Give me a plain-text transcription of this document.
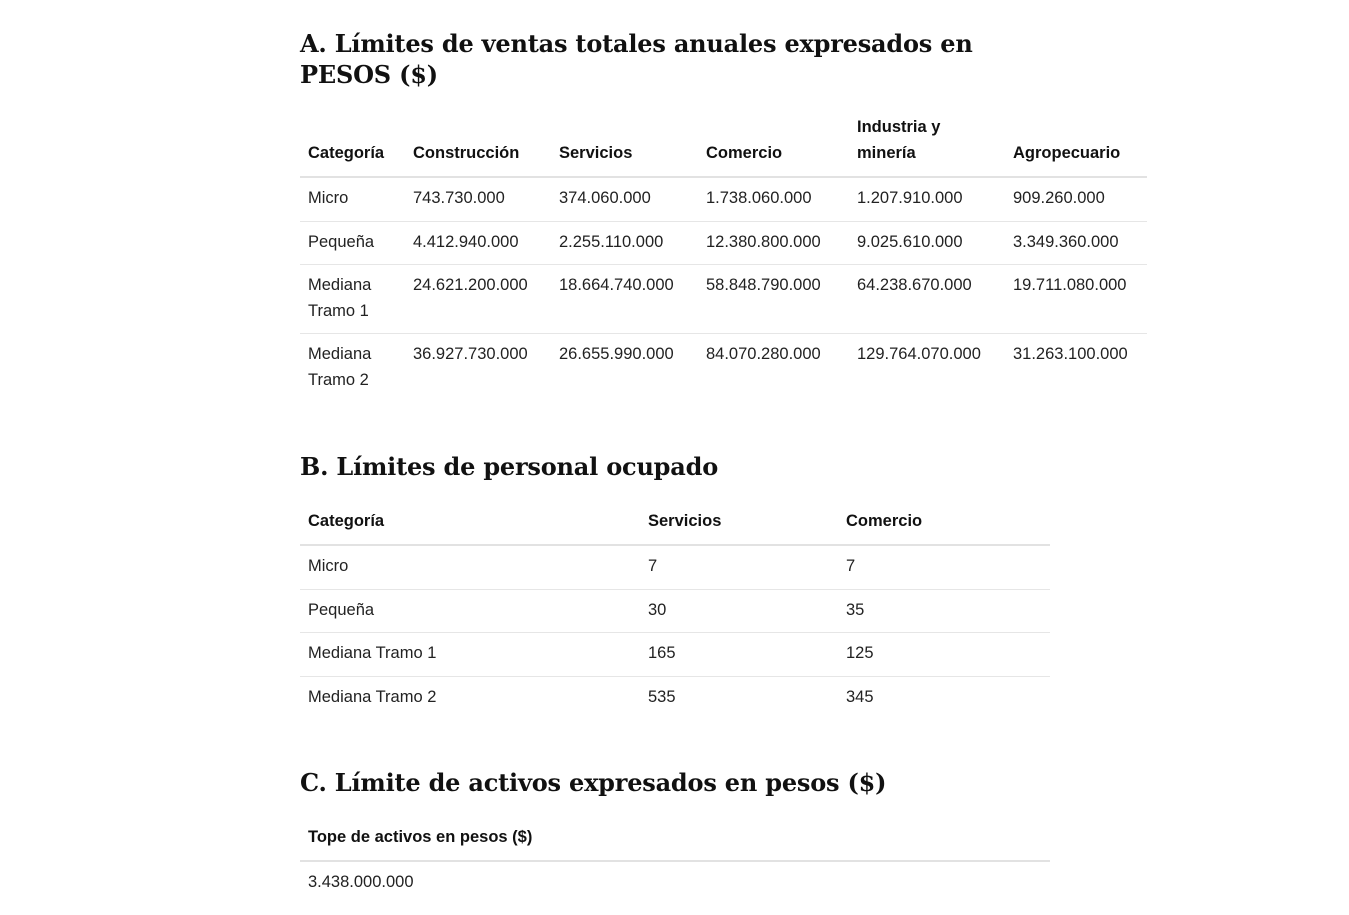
A. Límites de ventas totales anuales expresados en PESOS ($)
Categoría	Construcción	Servicios	Comercio	Industria y minería	Agropecuario
Micro	743.730.000	374.060.000	1.738.060.000	1.207.910.000	909.260.000
Pequeña	4.412.940.000	2.255.110.000	12.380.800.000	9.025.610.000	3.349.360.000
Mediana Tramo 1	24.621.200.000	18.664.740.000	58.848.790.000	64.238.670.000	19.711.080.000
Mediana Tramo 2	36.927.730.000	26.655.990.000	84.070.280.000	129.764.070.000	31.263.100.000
B. Límites de personal ocupado
Categoría	Servicios	Comercio
Micro	7	7
Pequeña	30	35
Mediana Tramo 1	165	125
Mediana Tramo 2	535	345
C. Límite de activos expresados en pesos ($)
Tope de activos en pesos ($)
3.438.000.000
